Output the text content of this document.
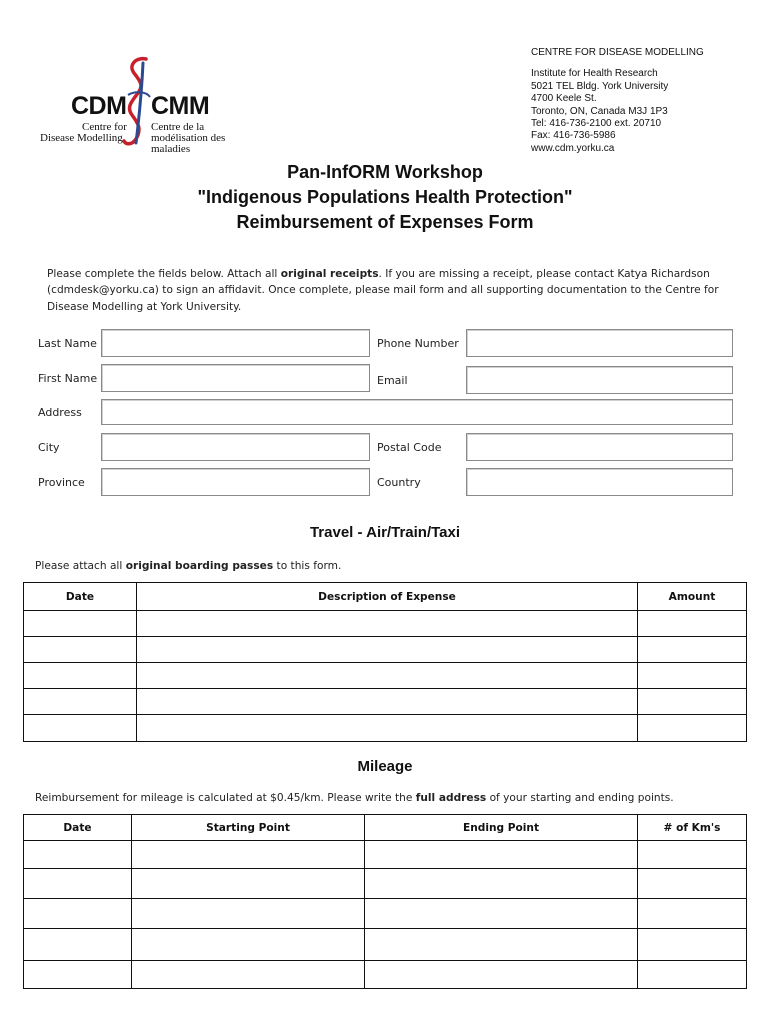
CDM CMM
Centre for
Disease Modelling
Centre de la
modélisation des maladies
CENTRE FOR DISEASE MODELLING
Institute for Health Research
5021 TEL Bldg. York University
4700 Keele St.
Toronto, ON, Canada M3J 1P3
Tel: 416-736-2100 ext. 20710
Fax: 416-736-5986
www.cdm.yorku.ca
Pan-InfORM Workshop
"Indigenous Populations Health Protection"
Reimbursement of Expenses Form
Please complete the fields below. Attach all original receipts. If you are missing a receipt, please contact Katya Richardson
(cdmdesk@yorku.ca) to sign an affidavit. Once complete, please mail form and all supporting documentation to the Centre for
Disease Modelling at York University.
Last Name	Phone Number
First Name	Email
Address
City	Postal Code
Province	Country
Travel - Air/Train/Taxi
Please attach all original boarding passes to this form.
Date	Description of Expense	Amount

Mileage
Reimbursement for mileage is calculated at $0.45/km. Please write the full address of your starting and ending points.
Date	Starting Point	Ending Point	# of Km's
